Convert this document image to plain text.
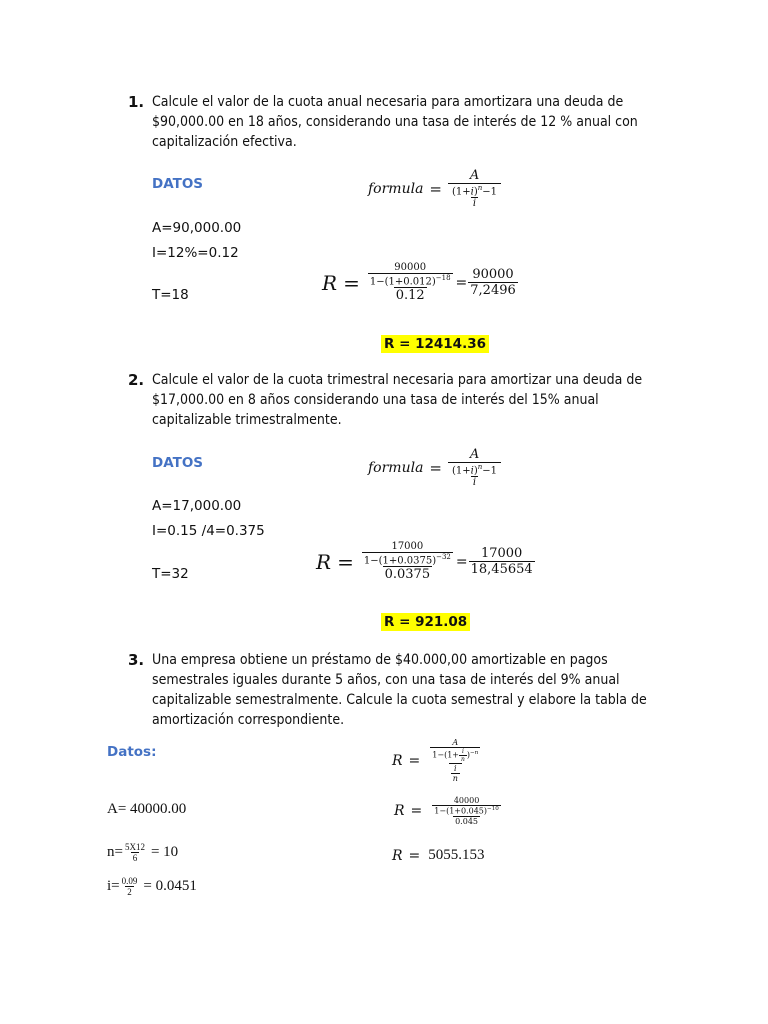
1. Calcule el valor de la cuota anual necesaria para amortizara una deuda de
$90,000.00 en 18 años, considerando una tasa de interés de 12 % anual con
capitalización efectiva.
DATOS	formula =
A
$\frac{(1+i)^n-1}{i}$
A=90,000.00
I=12%=0.12
T=18
$R = \frac{90000}{1-(1+0.012)^{-18}}$
0.12
= $\frac{90000}{7,2496}$
R = 12414.36
2. Calcule el valor de la cuota trimestral necesaria para amortizar una deuda de
$17,000.00 en 8 años considerando una tasa de interés del 15% anual
capitalizable trimestralmente.
DATOS	formula =
A
$\frac{(1+i)^n-1}{i}$
A=17,000.00
I=0.15 /4=0.375
T=32
$R = \frac{17000}{1-(1+0.0375)^{-32}}$
0.0375
= $\frac{17000}{18,45654}$
R = 921.08
3. Una empresa obtiene un préstamo de $40.000,00 amortizable en pagos
semestrales iguales durante 5 años, con una tasa de interés del 9% anual
capitalizable semestralmente. Calcule la cuota semestral y elabore la tabla de
amortización correspondiente.
Datos:
$R = \frac{\frac{A}{1-(1+ \frac{i}{n} )^{-n}}}{\frac{i}{n}}$
A= 40000.00	$R = \frac{\frac{40000}{1-(1+0.045)^{-10}}}{0.045}$
$n= \frac{5X12}{6} = 10$	R = 5055.153
$i= \frac{0.09}{2} = 0.0451$
